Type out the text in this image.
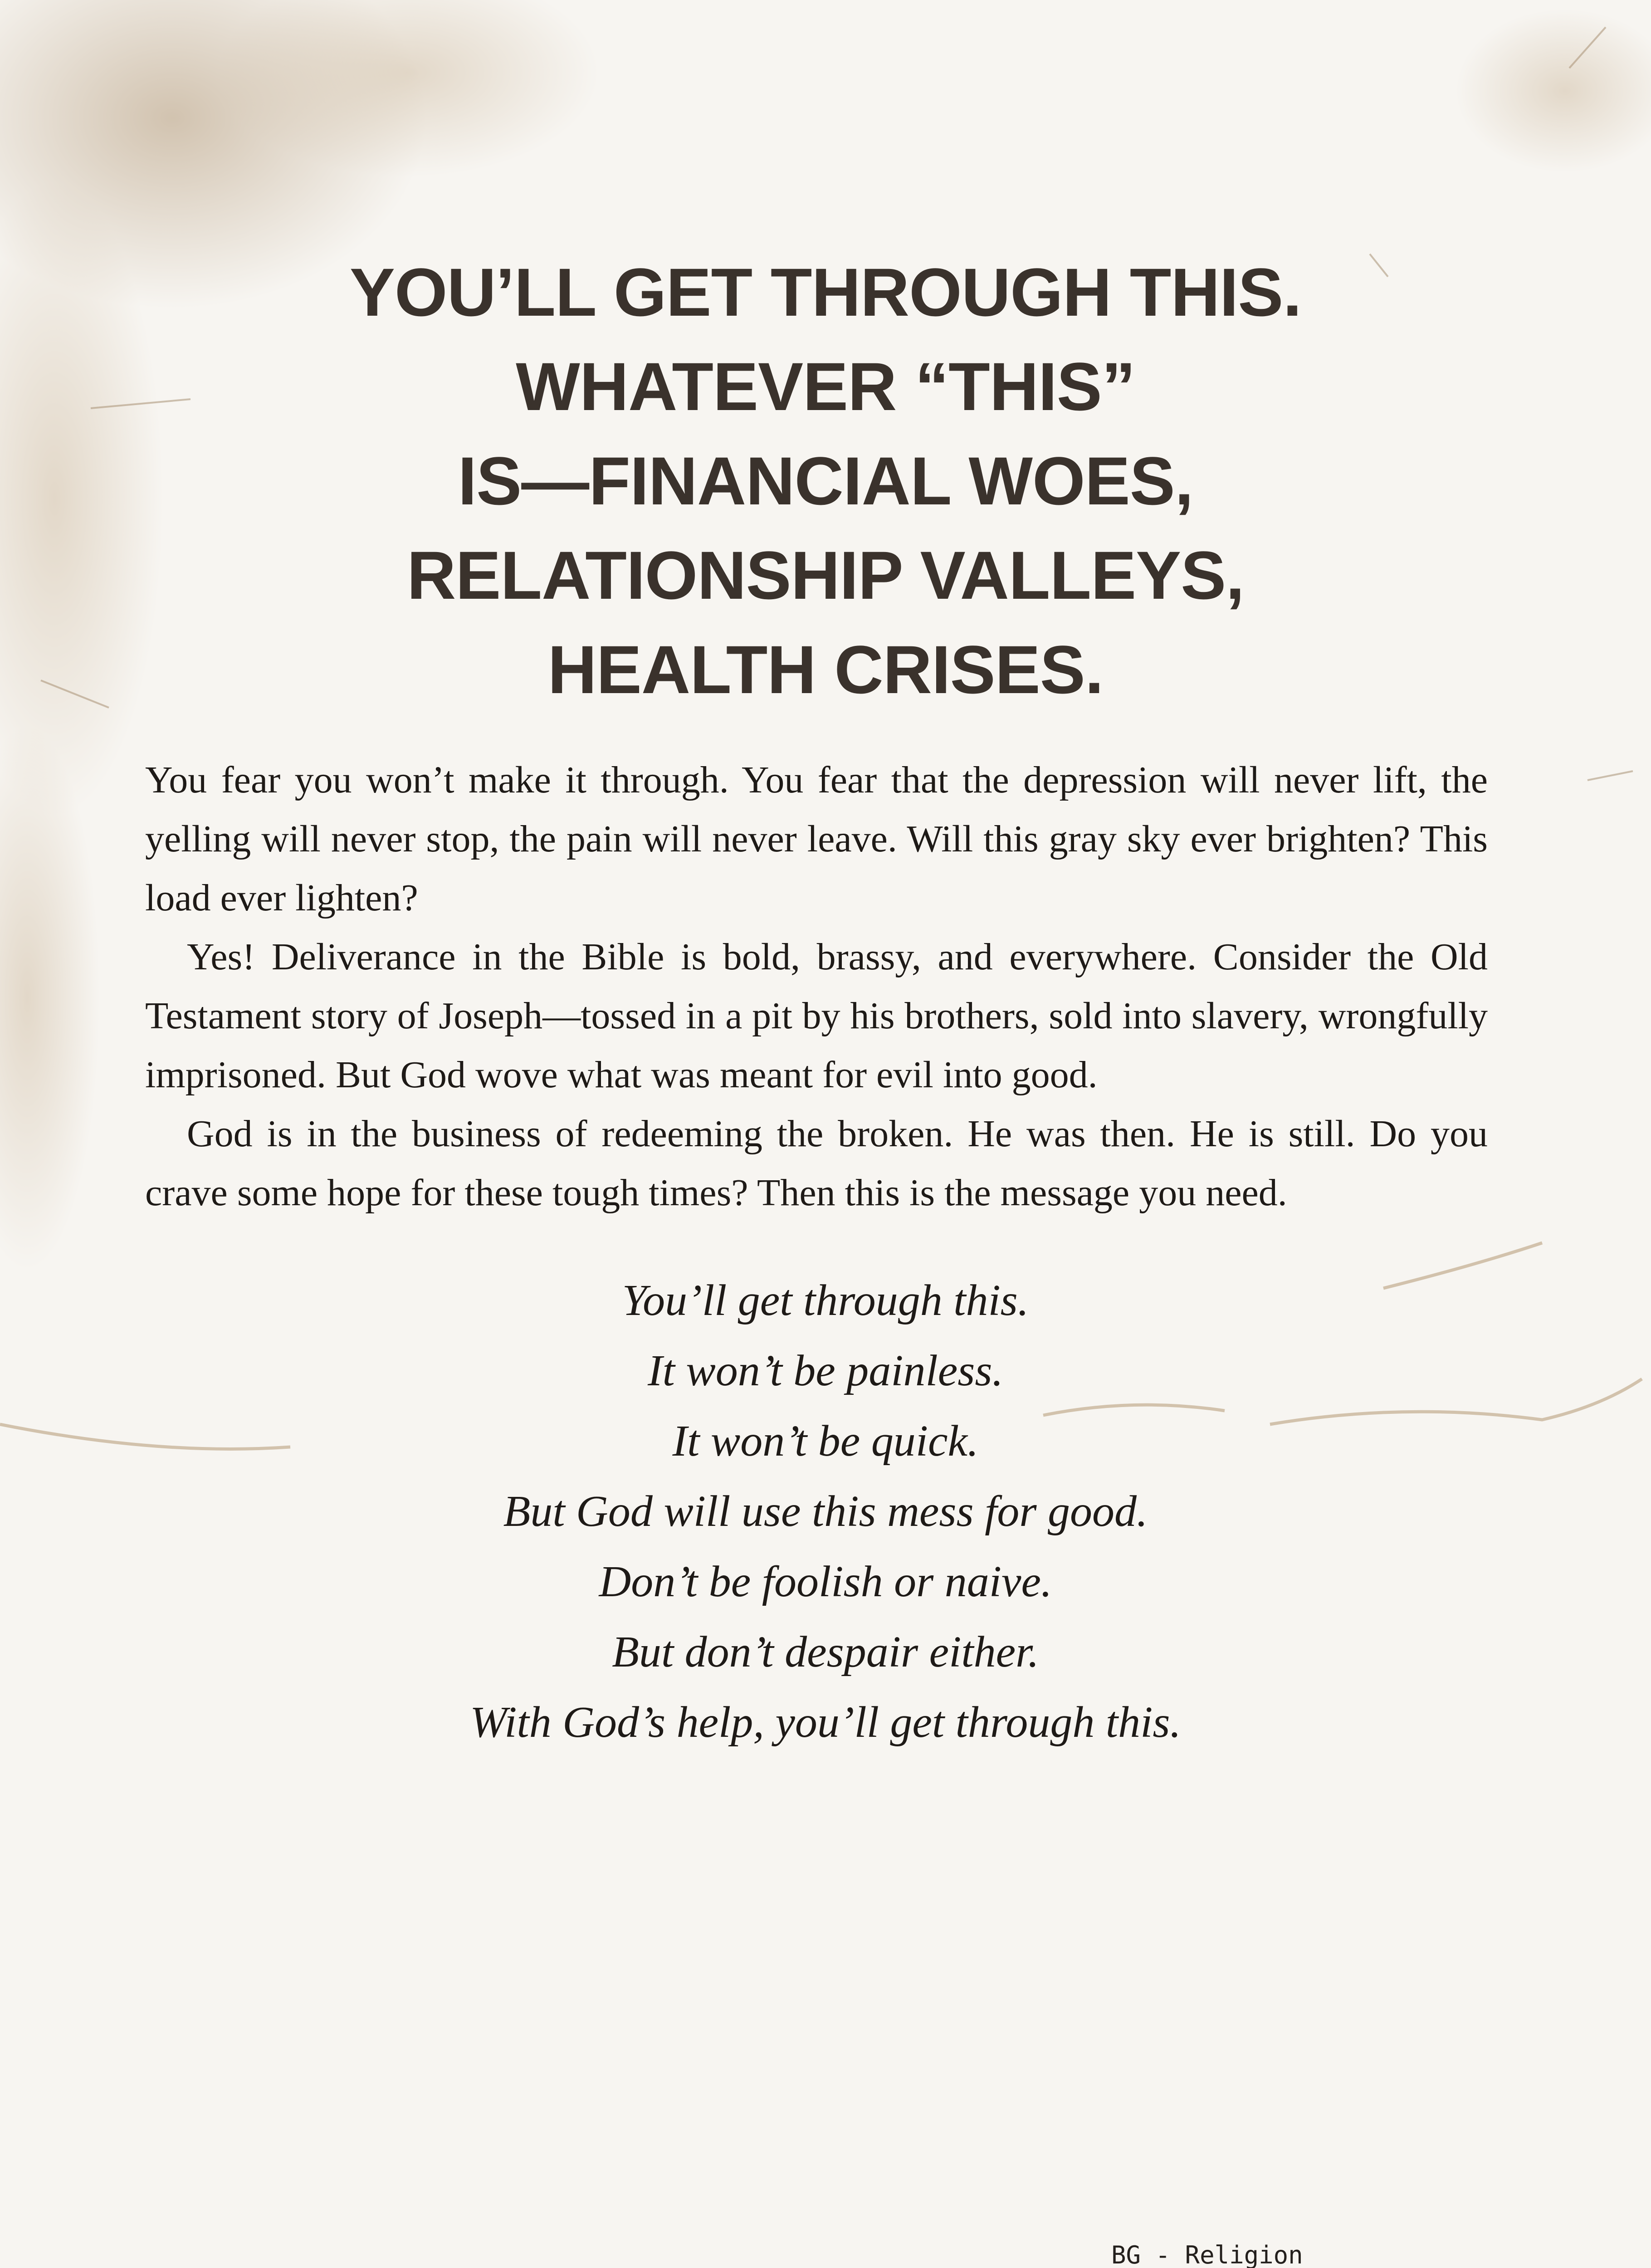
YOU’LL GET THROUGH THIS.
WHATEVER “THIS”
IS—FINANCIAL WOES,
RELATIONSHIP VALLEYS,
HEALTH CRISES.

You fear you won’t make it through. You fear that the depression will never lift, the yelling will never stop, the pain will never leave. Will this gray sky ever brighten? This load ever lighten?

Yes! Deliverance in the Bible is bold, brassy, and everywhere. Consider the Old Testament story of Joseph—tossed in a pit by his brothers, sold into slavery, wrongfully imprisoned. But God wove what was meant for evil into good.

God is in the business of redeeming the broken. He was then. He is still. Do you crave some hope for these tough times? Then this is the message you need.

You’ll get through this.
It won’t be painless.
It won’t be quick.
But God will use this mess for good.
Don’t be foolish or naive.
But don’t despair either.
With God’s help, you’ll get through this.
BG - Religion
